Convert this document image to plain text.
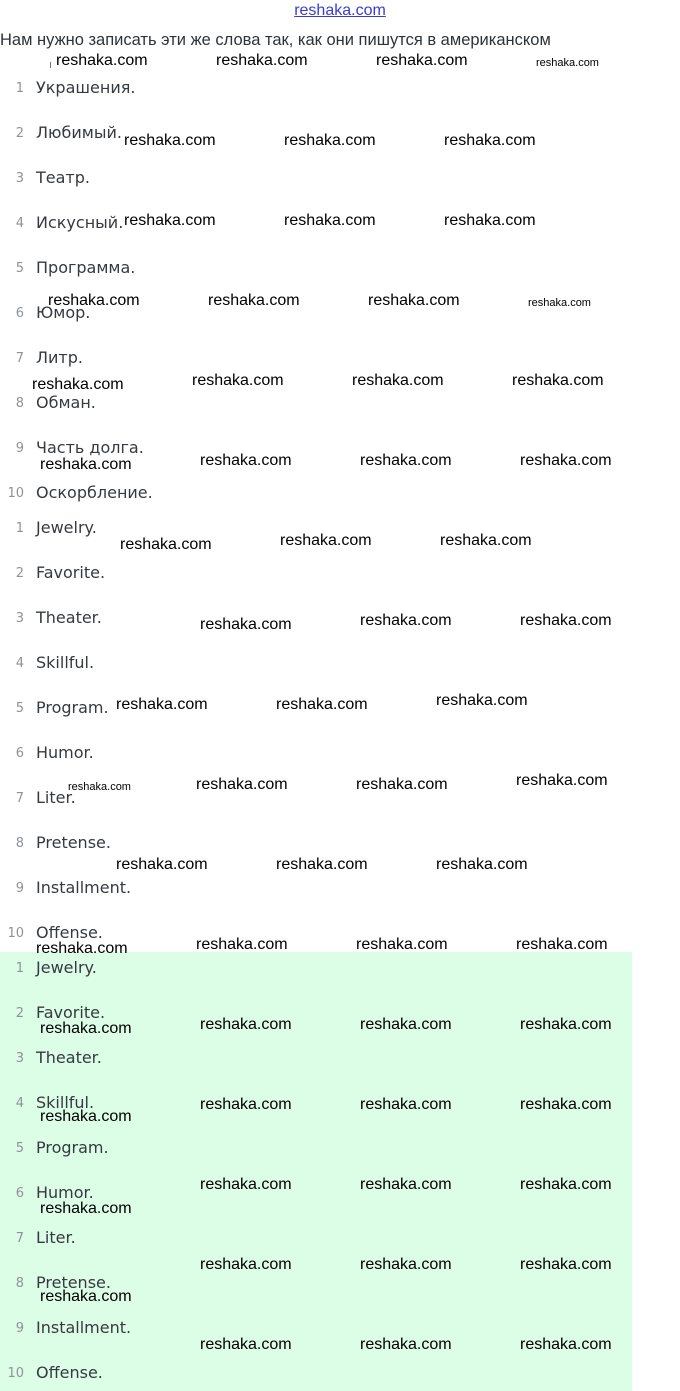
reshaka.com
Нам нужно записать эти же слова так, как они пишутся в американском
1 Украшения.
2 Любимый.
3 Театр.
4 Искусный.
5 Программа.
6 Юмор.
7 Литр.
8 Обман.
9 Часть долга.
10 Оскорбление.
1 Jewelry.
2 Favorite.
3 Theater.
4 Skillful.
5 Program.
6 Humor.
7 Liter.
8 Pretense.
9 Installment.
10 Offense.
1 Jewelry.
2 Favorite.
3 Theater.
4 Skillful.
5 Program.
6 Humor.
7 Liter.
8 Pretense.
9 Installment.
10 Offense.
reshaka.com	reshaka.com	reshaka.com	reshaka.com
reshaka.com	reshaka.com	reshaka.com
reshaka.com	reshaka.com	reshaka.com
reshaka.com	reshaka.com	reshaka.com	reshaka.com
reshaka.com	reshaka.com	reshaka.com	reshaka.com
reshaka.com	reshaka.com	reshaka.com	reshaka.com
reshaka.com	reshaka.com	reshaka.com
reshaka.com	reshaka.com	reshaka.com
reshaka.com	reshaka.com	reshaka.com
reshaka.com	reshaka.com	reshaka.com	reshaka.com
reshaka.com	reshaka.com	reshaka.com
reshaka.com	reshaka.com	reshaka.com	reshaka.com
reshaka.com	reshaka.com	reshaka.com	reshaka.com
reshaka.com
reshaka.com	reshaka.com	reshaka.com
reshaka.com
reshaka.com	reshaka.com	reshaka.com
reshaka.com	reshaka.com	reshaka.com
reshaka.com
reshaka.com	reshaka.com	reshaka.com
